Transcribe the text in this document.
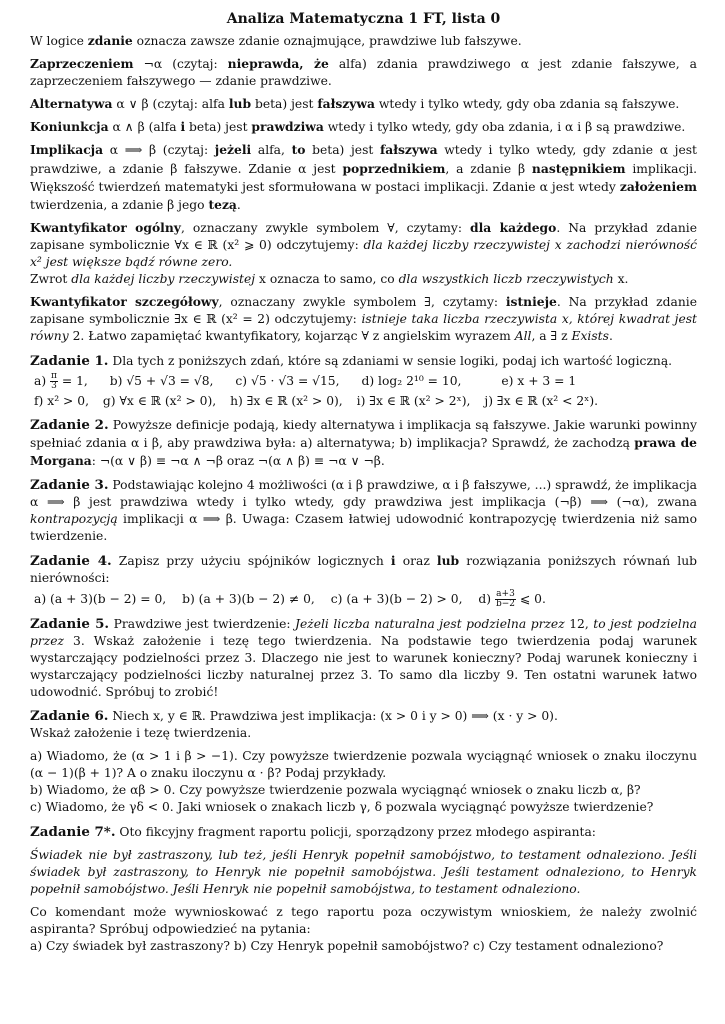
Analiza Matematyczna 1 FT, lista 0

W logice zdanie oznacza zawsze zdanie oznajmujące, prawdziwe lub fałszywe.

Zaprzeczeniem ¬α (czytaj: nieprawda, że alfa) zdania prawdziwego α jest zdanie fałszywe, a zaprzeczeniem fałszywego — zdanie prawdziwe.

Alternatywa α ∨ β (czytaj: alfa lub beta) jest fałszywa wtedy i tylko wtedy, gdy oba zdania są fałszywe.

Koniunkcja α ∧ β (alfa i beta) jest prawdziwa wtedy i tylko wtedy, gdy oba zdania, i α i β są prawdziwe.

Implikacja α ⟹ β (czytaj: jeżeli alfa, to beta) jest fałszywa wtedy i tylko wtedy, gdy zdanie α jest prawdziwe, a zdanie β fałszywe. Zdanie α jest poprzednikiem, a zdanie β następnikiem implikacji. Większość twierdzeń matematyki jest sformułowana w postaci implikacji. Zdanie α jest wtedy założeniem twierdzenia, a zdanie β jego tezą.

Kwantyfikator ogólny, oznaczany zwykle symbolem ∀, czytamy: dla każdego. Na przykład zdanie zapisane symbolicznie ∀x ∈ ℝ (x² ⩾ 0) odczytujemy: dla każdej liczby rzeczywistej x zachodzi nierówność x² jest większe bądź równe zero.

Zwrot dla każdej liczby rzeczywistej x oznacza to samo, co dla wszystkich liczb rzeczywistych x.

Kwantyfikator szczegółowy, oznaczany zwykle symbolem ∃, czytamy: istnieje. Na przykład zdanie zapisane symbolicznie ∃x ∈ ℝ (x² = 2) odczytujemy: istnieje taka liczba rzeczywista x, której kwadrat jest równy 2. Łatwo zapamiętać kwantyfikatory, kojarząc ∀ z angielskim wyrazem All, a ∃ z Exists.

Zadanie 1. Dla tych z poniższych zdań, które są zdaniami w sensie logiki, podaj ich wartość logiczną.

$a) \frac{\pi}{3} = 1$, b) √5 + √3 = √8, c) √5 · √3 = √15, d) log₂ 2¹⁰ = 10,	e) x + 3 = 1
f) x² > 0, g) ∀x ∈ ℝ (x² > 0), h) ∃x ∈ ℝ (x² > 0), i) ∃x ∈ ℝ (x² > 2ˣ), j) ∃x ∈ ℝ (x² < 2ˣ).

Zadanie 2. Powyższe definicje podają, kiedy alternatywa i implikacja są fałszywe. Jakie warunki powinny spełniać zdania α i β, aby prawdziwa była: a) alternatywa; b) implikacja? Sprawdź, że zachodzą prawa de Morgana: ¬(α ∨ β) ≡ ¬α ∧ ¬β oraz ¬(α ∧ β) ≡ ¬α ∨ ¬β.

Zadanie 3. Podstawiając kolejno 4 możliwości (α i β prawdziwe, α i β fałszywe, ...) sprawdź, że implikacja α ⟹ β jest prawdziwa wtedy i tylko wtedy, gdy prawdziwa jest implikacja (¬β) ⟹ (¬α), zwana kontrapozycją implikacji α ⟹ β. Uwaga: Czasem łatwiej udowodnić kontrapozycję twierdzenia niż samo twierdzenie.

Zadanie 4. Zapisz przy użyciu spójników logicznych i oraz lub rozwiązania poniższych równań lub nierówności:

a) (a + 3)(b − 2) = 0, b) (a + 3)(b − 2) ≠ 0, c) (a + 3)(b − 2) > 0, $d) \frac{a+3}{b-2}$ ⩽ 0.

Zadanie 5. Prawdziwe jest twierdzenie: Jeżeli liczba naturalna jest podzielna przez 12, to jest podzielna przez 3. Wskaż założenie i tezę tego twierdzenia. Na podstawie tego twierdzenia podaj warunek wystarczający podzielności przez 3. Dlaczego nie jest to warunek konieczny? Podaj warunek konieczny i wystarczający podzielności liczby naturalnej przez 3. To samo dla liczby 9. Ten ostatni warunek łatwo udowodnić. Spróbuj to zrobić!

Zadanie 6. Niech x, y ∈ ℝ. Prawdziwa jest implikacja: (x > 0 i y > 0) ⟹ (x · y > 0).

Wskaż założenie i tezę twierdzenia.

a) Wiadomo, że (α > 1 i β > −1). Czy powyższe twierdzenie pozwala wyciągnąć wniosek o znaku iloczynu (α − 1)(β + 1)? A o znaku iloczynu α · β? Podaj przykłady.

b) Wiadomo, że αβ > 0. Czy powyższe twierdzenie pozwala wyciągnąć wniosek o znaku liczb α, β?

c) Wiadomo, że γδ < 0. Jaki wniosek o znakach liczb γ, δ pozwala wyciągnąć powyższe twierdzenie?

Zadanie 7*. Oto fikcyjny fragment raportu policji, sporządzony przez młodego aspiranta:

Świadek nie był zastraszony, lub też, jeśli Henryk popełnił samobójstwo, to testament odnaleziono. Jeśli świadek był zastraszony, to Henryk nie popełnił samobójstwa. Jeśli testament odnaleziono, to Henryk popełnił samobójstwo. Jeśli Henryk nie popełnił samobójstwa, to testament odnaleziono.

Co komendant może wywnioskować z tego raportu poza oczywistym wnioskiem, że należy zwolnić aspiranta? Spróbuj odpowiedzieć na pytania:

a) Czy świadek był zastraszony? b) Czy Henryk popełnił samobójstwo? c) Czy testament odnaleziono?
